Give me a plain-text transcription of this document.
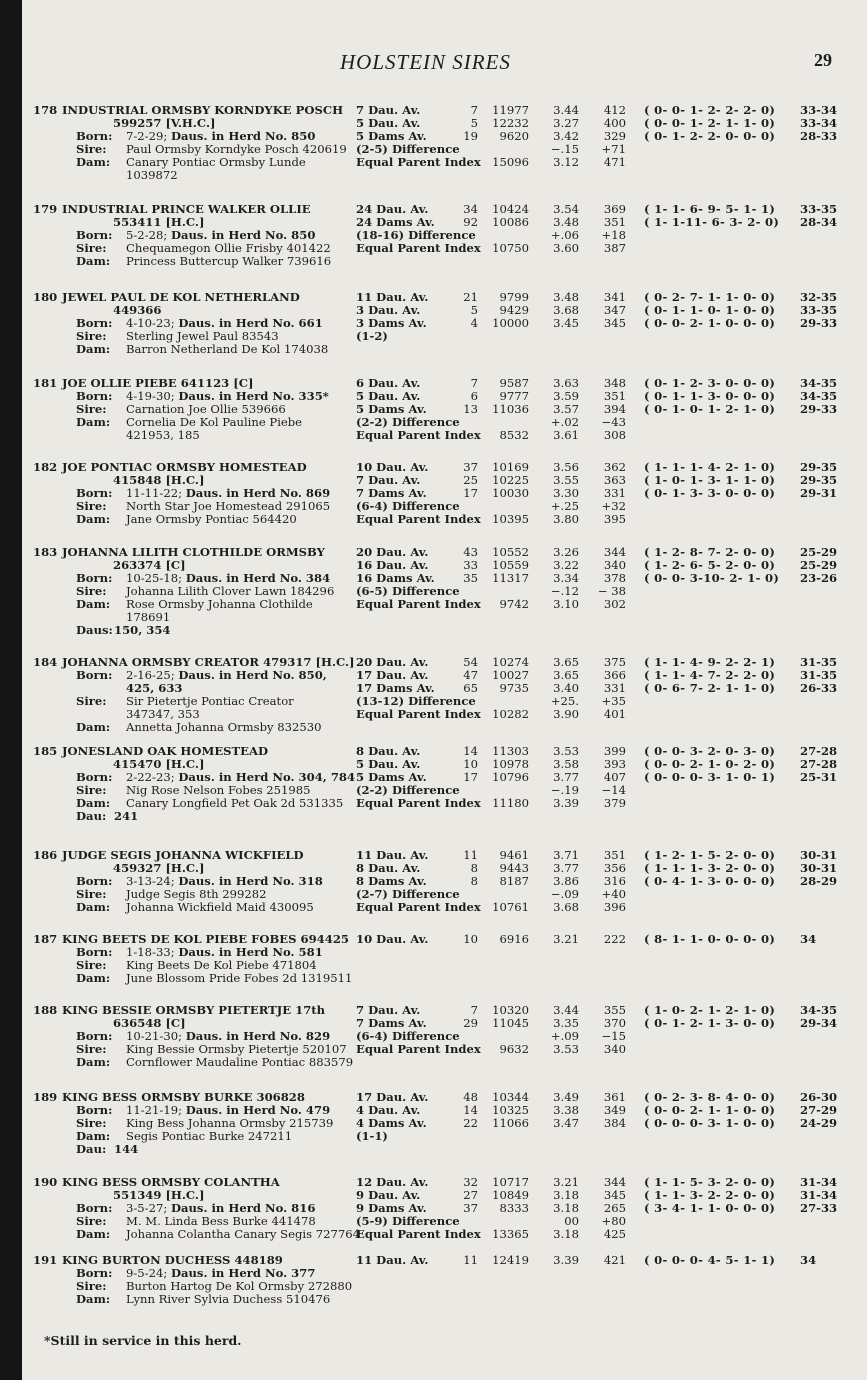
HOLSTEIN SIRES	29
178 INDUSTRIAL ORMSBY KORNDYKE POSCH
599257 [V.H.C.]
Born: 7-2-29; Daus. in Herd No. 850
Sire: Paul Ormsby Korndyke Posch 420619
Dam: Canary Pontiac Ormsby Lunde
1039872
7 Dau. Av.	7 11977	3.44	412 ( 0- 0- 1- 2- 2- 2- 0) 33-34
5 Dau. Av.	5 12232	3.27	400 ( 0- 0- 1- 2- 1- 1- 0) 33-34
5 Dams Av.	19	9620	3.42	329 ( 0- 1- 2- 2- 0- 0- 0) 28-33
(2-5) Difference	−.15	+71
Equal Parent Index 15096	3.12	471
179 INDUSTRIAL PRINCE WALKER OLLIE
553411 [H.C.]
Born: 5-2-28; Daus. in Herd No. 850
Sire: Chequamegon Ollie Frisby 401422
Dam: Princess Buttercup Walker 739616
24 Dau. Av.	34 10424	3.54	369 ( 1- 1- 6- 9- 5- 1- 1) 33-35
24 Dams Av.	92 10086	3.48	351 ( 1- 1-11- 6- 3- 2- 0) 28-34
(18-16) Difference	+.06	+18
Equal Parent Index 10750	3.60	387
180 JEWEL PAUL DE KOL NETHERLAND
449366
Born: 4-10-23; Daus. in Herd No. 661
Sire: Sterling Jewel Paul 83543
Dam: Barron Netherland De Kol 174038
11 Dau. Av.	21	9799	3.48	341 ( 0- 2- 7- 1- 1- 0- 0) 32-35
3 Dau. Av.	5	9429	3.68	347 ( 0- 1- 1- 0- 1- 0- 0) 33-35
3 Dams Av.	4 10000	3.45	345 ( 0- 0- 2- 1- 0- 0- 0) 29-33
(1-2)
181 JOE OLLIE PIEBE 641123 [C]
Born: 4-19-30; Daus. in Herd No. 335*
Sire: Carnation Joe Ollie 539666
Dam: Cornelia De Kol Pauline Piebe
421953, 185
6 Dau. Av.	7	9587	3.63	348 ( 0- 1- 2- 3- 0- 0- 0) 34-35
5 Dau. Av.	6	9777	3.59	351 ( 0- 1- 1- 3- 0- 0- 0) 34-35
5 Dams Av.	13 11036	3.57	394 ( 0- 1- 0- 1- 2- 1- 0) 29-33
(2-2) Difference	+.02	−43
Equal Parent Index	8532	3.61	308
182 JOE PONTIAC ORMSBY HOMESTEAD
415848 [H.C.]
Born: 11-11-22; Daus. in Herd No. 869
Sire: North Star Joe Homestead 291065
Dam: Jane Ormsby Pontiac 564420
10 Dau. Av.	37 10169	3.56	362 ( 1- 1- 1- 4- 2- 1- 0) 29-35
7 Dau. Av.	25 10225	3.55	363 ( 1- 0- 1- 3- 1- 1- 0) 29-35
7 Dams Av.	17 10030	3.30	331 ( 0- 1- 3- 3- 0- 0- 0) 29-31
(6-4) Difference	+.25	+32
Equal Parent Index 10395	3.80	395
183 JOHANNA LILITH CLOTHILDE ORMSBY
263374 [C]
Born: 10-25-18; Daus. in Herd No. 384
Sire: Johanna Lilith Clover Lawn 184296
Dam: Rose Ormsby Johanna Clothilde
178691
Daus: 150, 354
20 Dau. Av.	43 10552	3.26	344 ( 1- 2- 8- 7- 2- 0- 0) 25-29
16 Dau. Av.	33 10559	3.22	340 ( 1- 2- 6- 5- 2- 0- 0) 25-29
16 Dams Av.	35 11317	3.34	378 ( 0- 0- 3-10- 2- 1- 0) 23-26
(6-5) Difference	−.12 − 38
Equal Parent Index	9742	3.10	302
184 JOHANNA ORMSBY CREATOR 479317 [H.C.]
Born: 2-16-25; Daus. in Herd No. 850,
425, 633
Sire: Sir Pietertje Pontiac Creator
347347, 353
Dam: Annetta Johanna Ormsby 832530
20 Dau. Av.	54 10274	3.65	375 ( 1- 1- 4- 9- 2- 2- 1) 31-35
17 Dau. Av.	47 10027	3.65	366 ( 1- 1- 4- 7- 2- 2- 0) 31-35
17 Dams Av.	65	9735	3.40	331 ( 0- 6- 7- 2- 1- 1- 0) 26-33
(13-12) Difference	+25.	+35
Equal Parent Index 10282	3.90	401
185 JONESLAND OAK HOMESTEAD
415470 [H.C.]
Born: 2-22-23; Daus. in Herd No. 304, 784
Sire: Nig Rose Nelson Fobes 251985
Dam: Canary Longfield Pet Oak 2d 531335
Dau: 241
8 Dau. Av.	14 11303	3.53	399 ( 0- 0- 3- 2- 0- 3- 0) 27-28
5 Dau. Av.	10 10978	3.58	393 ( 0- 0- 2- 1- 0- 2- 0) 27-28
5 Dams Av.	17 10796	3.77	407 ( 0- 0- 0- 3- 1- 0- 1) 25-31
(2-2) Difference	−.19	−14
Equal Parent Index 11180	3.39	379
186 JUDGE SEGIS JOHANNA WICKFIELD
459327 [H.C.]
Born: 3-13-24; Daus. in Herd No. 318
Sire: Judge Segis 8th 299282
Dam: Johanna Wickfield Maid 430095
11 Dau. Av.	11	9461	3.71	351 ( 1- 2- 1- 5- 2- 0- 0) 30-31
8 Dau. Av.	8	9443	3.77	356 ( 1- 1- 1- 3- 2- 0- 0) 30-31
8 Dams Av.	8	8187	3.86	316 ( 0- 4- 1- 3- 0- 0- 0) 28-29
(2-7) Difference	−.09	+40
Equal Parent Index 10761	3.68	396
187 KING BEETS DE KOL PIEBE FOBES 694425
Born: 1-18-33; Daus. in Herd No. 581
Sire: King Beets De Kol Piebe 471804
Dam: June Blossom Pride Fobes 2d 1319511
10 Dau. Av.	10	6916	3.21	222 ( 8- 1- 1- 0- 0- 0- 0) 34
188 KING BESSIE ORMSBY PIETERTJE 17th
636548 [C]
Born: 10-21-30; Daus. in Herd No. 829
Sire: King Bessie Ormsby Pietertje 520107
Dam: Cornflower Maudaline Pontiac 883579
7 Dau. Av.	7 10320	3.44	355 ( 1- 0- 2- 1- 2- 1- 0) 34-35
7 Dams Av.	29 11045	3.35	370 ( 0- 1- 2- 1- 3- 0- 0) 29-34
(6-4) Difference	+.09	−15
Equal Parent Index	9632	3.53	340
189 KING BESS ORMSBY BURKE 306828
Born: 11-21-19; Daus. in Herd No. 479
Sire: King Bess Johanna Ormsby 215739
Dam: Segis Pontiac Burke 247211
Dau: 144
17 Dau. Av.	48 10344	3.49	361 ( 0- 2- 3- 8- 4- 0- 0) 26-30
4 Dau. Av.	14 10325	3.38	349 ( 0- 0- 2- 1- 1- 0- 0) 27-29
4 Dams Av.	22 11066	3.47	384 ( 0- 0- 0- 3- 1- 0- 0) 24-29
(1-1)
190 KING BESS ORMSBY COLANTHA
551349 [H.C.]
Born: 3-5-27; Daus. in Herd No. 816
Sire: M. M. Linda Bess Burke 441478
Dam: Johanna Colantha Canary Segis 727764
12 Dau. Av.	32 10717	3.21	344 ( 1- 1- 5- 3- 2- 0- 0) 31-34
9 Dau. Av.	27 10849	3.18	345 ( 1- 1- 3- 2- 2- 0- 0) 31-34
9 Dams Av.	37	8333	3.18	265 ( 3- 4- 1- 1- 0- 0- 0) 27-33
(5-9) Difference	00	+80
Equal Parent Index 13365	3.18	425
191 KING BURTON DUCHESS 448189
Born: 9-5-24; Daus. in Herd No. 377
Sire: Burton Hartog De Kol Ormsby 272880
Dam: Lynn River Sylvia Duchess 510476
11 Dau. Av.	11 12419	3.39	421 ( 0- 0- 0- 4- 5- 1- 1) 34
*Still in service in this herd.
